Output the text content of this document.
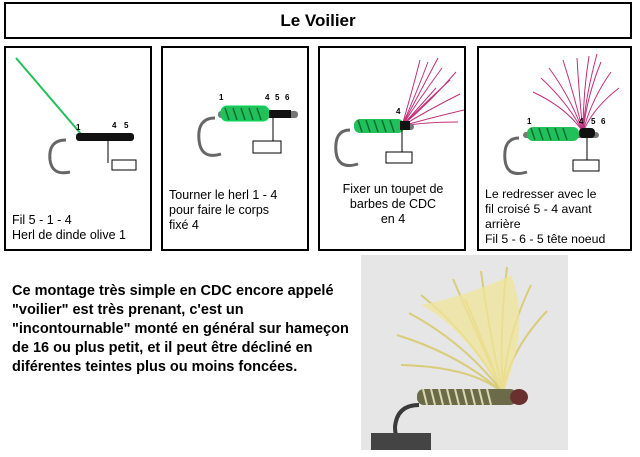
Le Voilier
1	4 5
Fil 5 - 1 - 4
Herl de dinde olive 1
1	4 5 6
Tourner le herl 1 - 4
pour faire le corps
fixé 4
4
Fixer un toupet de
barbes de CDC
en 4
1	4 5 6
Le redresser avec le
fil croisé 5 - 4 avant
arrière
Fil 5 - 6 - 5 tête noeud
Ce montage très simple en CDC encore appelé "voilier" est très prenant, c'est un "incontournable" monté en général sur hameçon de 16 ou plus petit, et il peut être décliné en diférentes teintes plus ou moins foncées.
